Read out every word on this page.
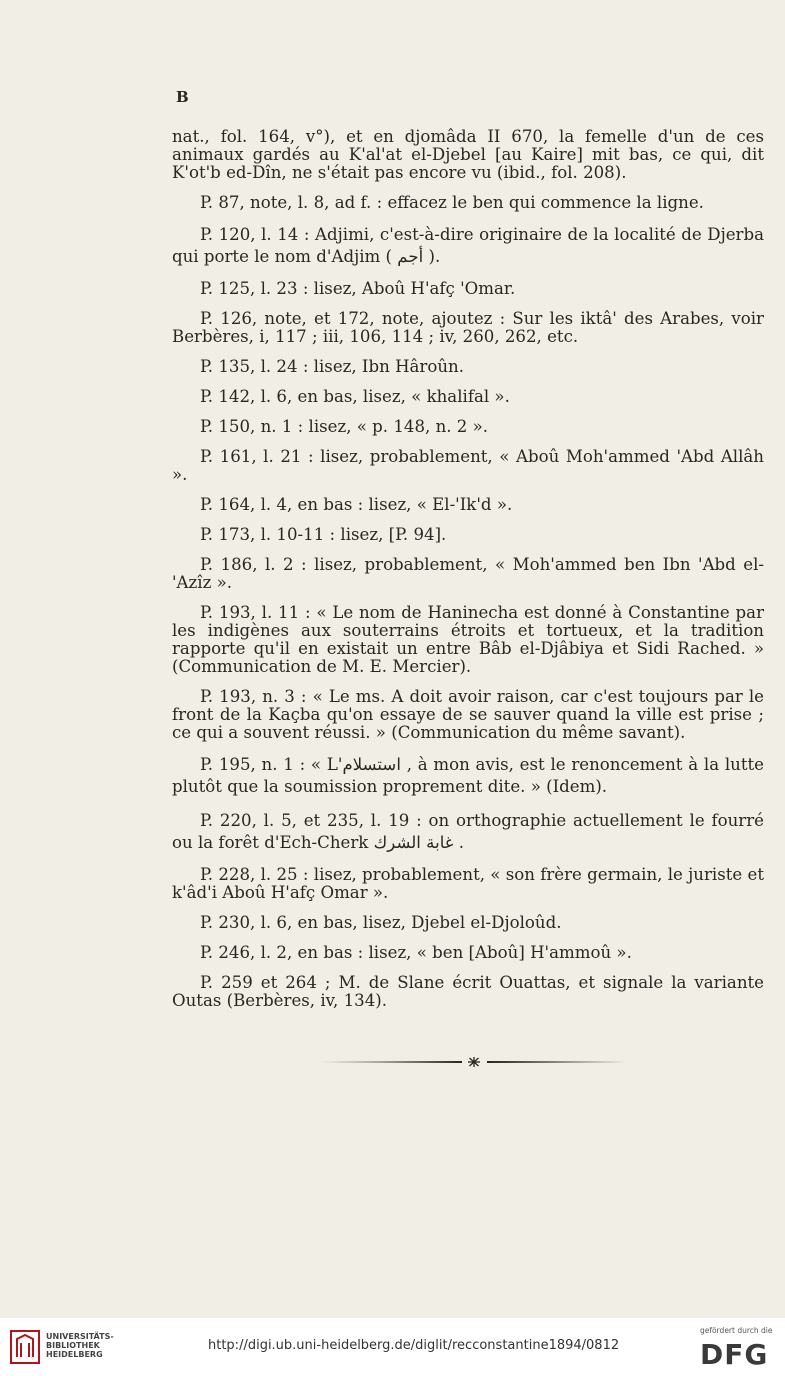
B

nat., fol. 164, v°), et en djomâda II 670, la femelle d'un de ces animaux gardés au K'al'at el-Djebel [au Kaire] mit bas, ce qui, dit K'ot'b ed-Dîn, ne s'était pas encore vu (ibid., fol. 208).

P. 87, note, l. 8, ad f. : effacez le ben qui commence la ligne.

P. 120, l. 14 : Adjimi, c'est-à-dire originaire de la localité de Djerba qui porte le nom d'Adjim ( أجم ).

P. 125, l. 23 : lisez, Aboû H'afç 'Omar.

P. 126, note, et 172, note, ajoutez : Sur les iktâ' des Arabes, voir Berbères, i, 117 ; iii, 106, 114 ; iv, 260, 262, etc.

P. 135, l. 24 : lisez, Ibn Hâroûn.

P. 142, l. 6, en bas, lisez, « khalifal ».

P. 150, n. 1 : lisez, « p. 148, n. 2 ».

P. 161, l. 21 : lisez, probablement, « Aboû Moh'ammed 'Abd Allâh ».

P. 164, l. 4, en bas : lisez, « El-'Ik'd ».

P. 173, l. 10-11 : lisez, [P. 94].

P. 186, l. 2 : lisez, probablement, « Moh'ammed ben Ibn 'Abd el-'Azîz ».

P. 193, l. 11 : « Le nom de Haninecha est donné à Constantine par les indigènes aux souterrains étroits et tortueux, et la tradition rapporte qu'il en existait un entre Bâb el-Djâbiya et Sidi Rached. » (Communication de M. E. Mercier).

P. 193, n. 3 : « Le ms. A doit avoir raison, car c'est toujours par le front de la Kaçba qu'on essaye de se sauver quand la ville est prise ; ce qui a souvent réussi. » (Communication du même savant).

P. 195, n. 1 : « L'استسلام , à mon avis, est le renoncement à la lutte plutôt que la soumission proprement dite. » (Idem).

P. 220, l. 5, et 235, l. 19 : on orthographie actuellement le fourré ou la forêt d'Ech-Cherk غابة الشرك .

P. 228, l. 25 : lisez, probablement, « son frère germain, le juriste et k'âd'i Aboû H'afç Omar ».

P. 230, l. 6, en bas, lisez, Djebel el-Djoloûd.

P. 246, l. 2, en bas : lisez, « ben [Aboû] H'ammoû ».

P. 259 et 264 ; M. de Slane écrit Ouattas, et signale la variante Outas (Berbères, iv, 134).

UNIVERSITÄTS-
BIBLIOTHEK
HEIDELBERG
http://digi.ub.uni-heidelberg.de/diglit/recconstantine1894/0812
gefördert durch die
DFG
